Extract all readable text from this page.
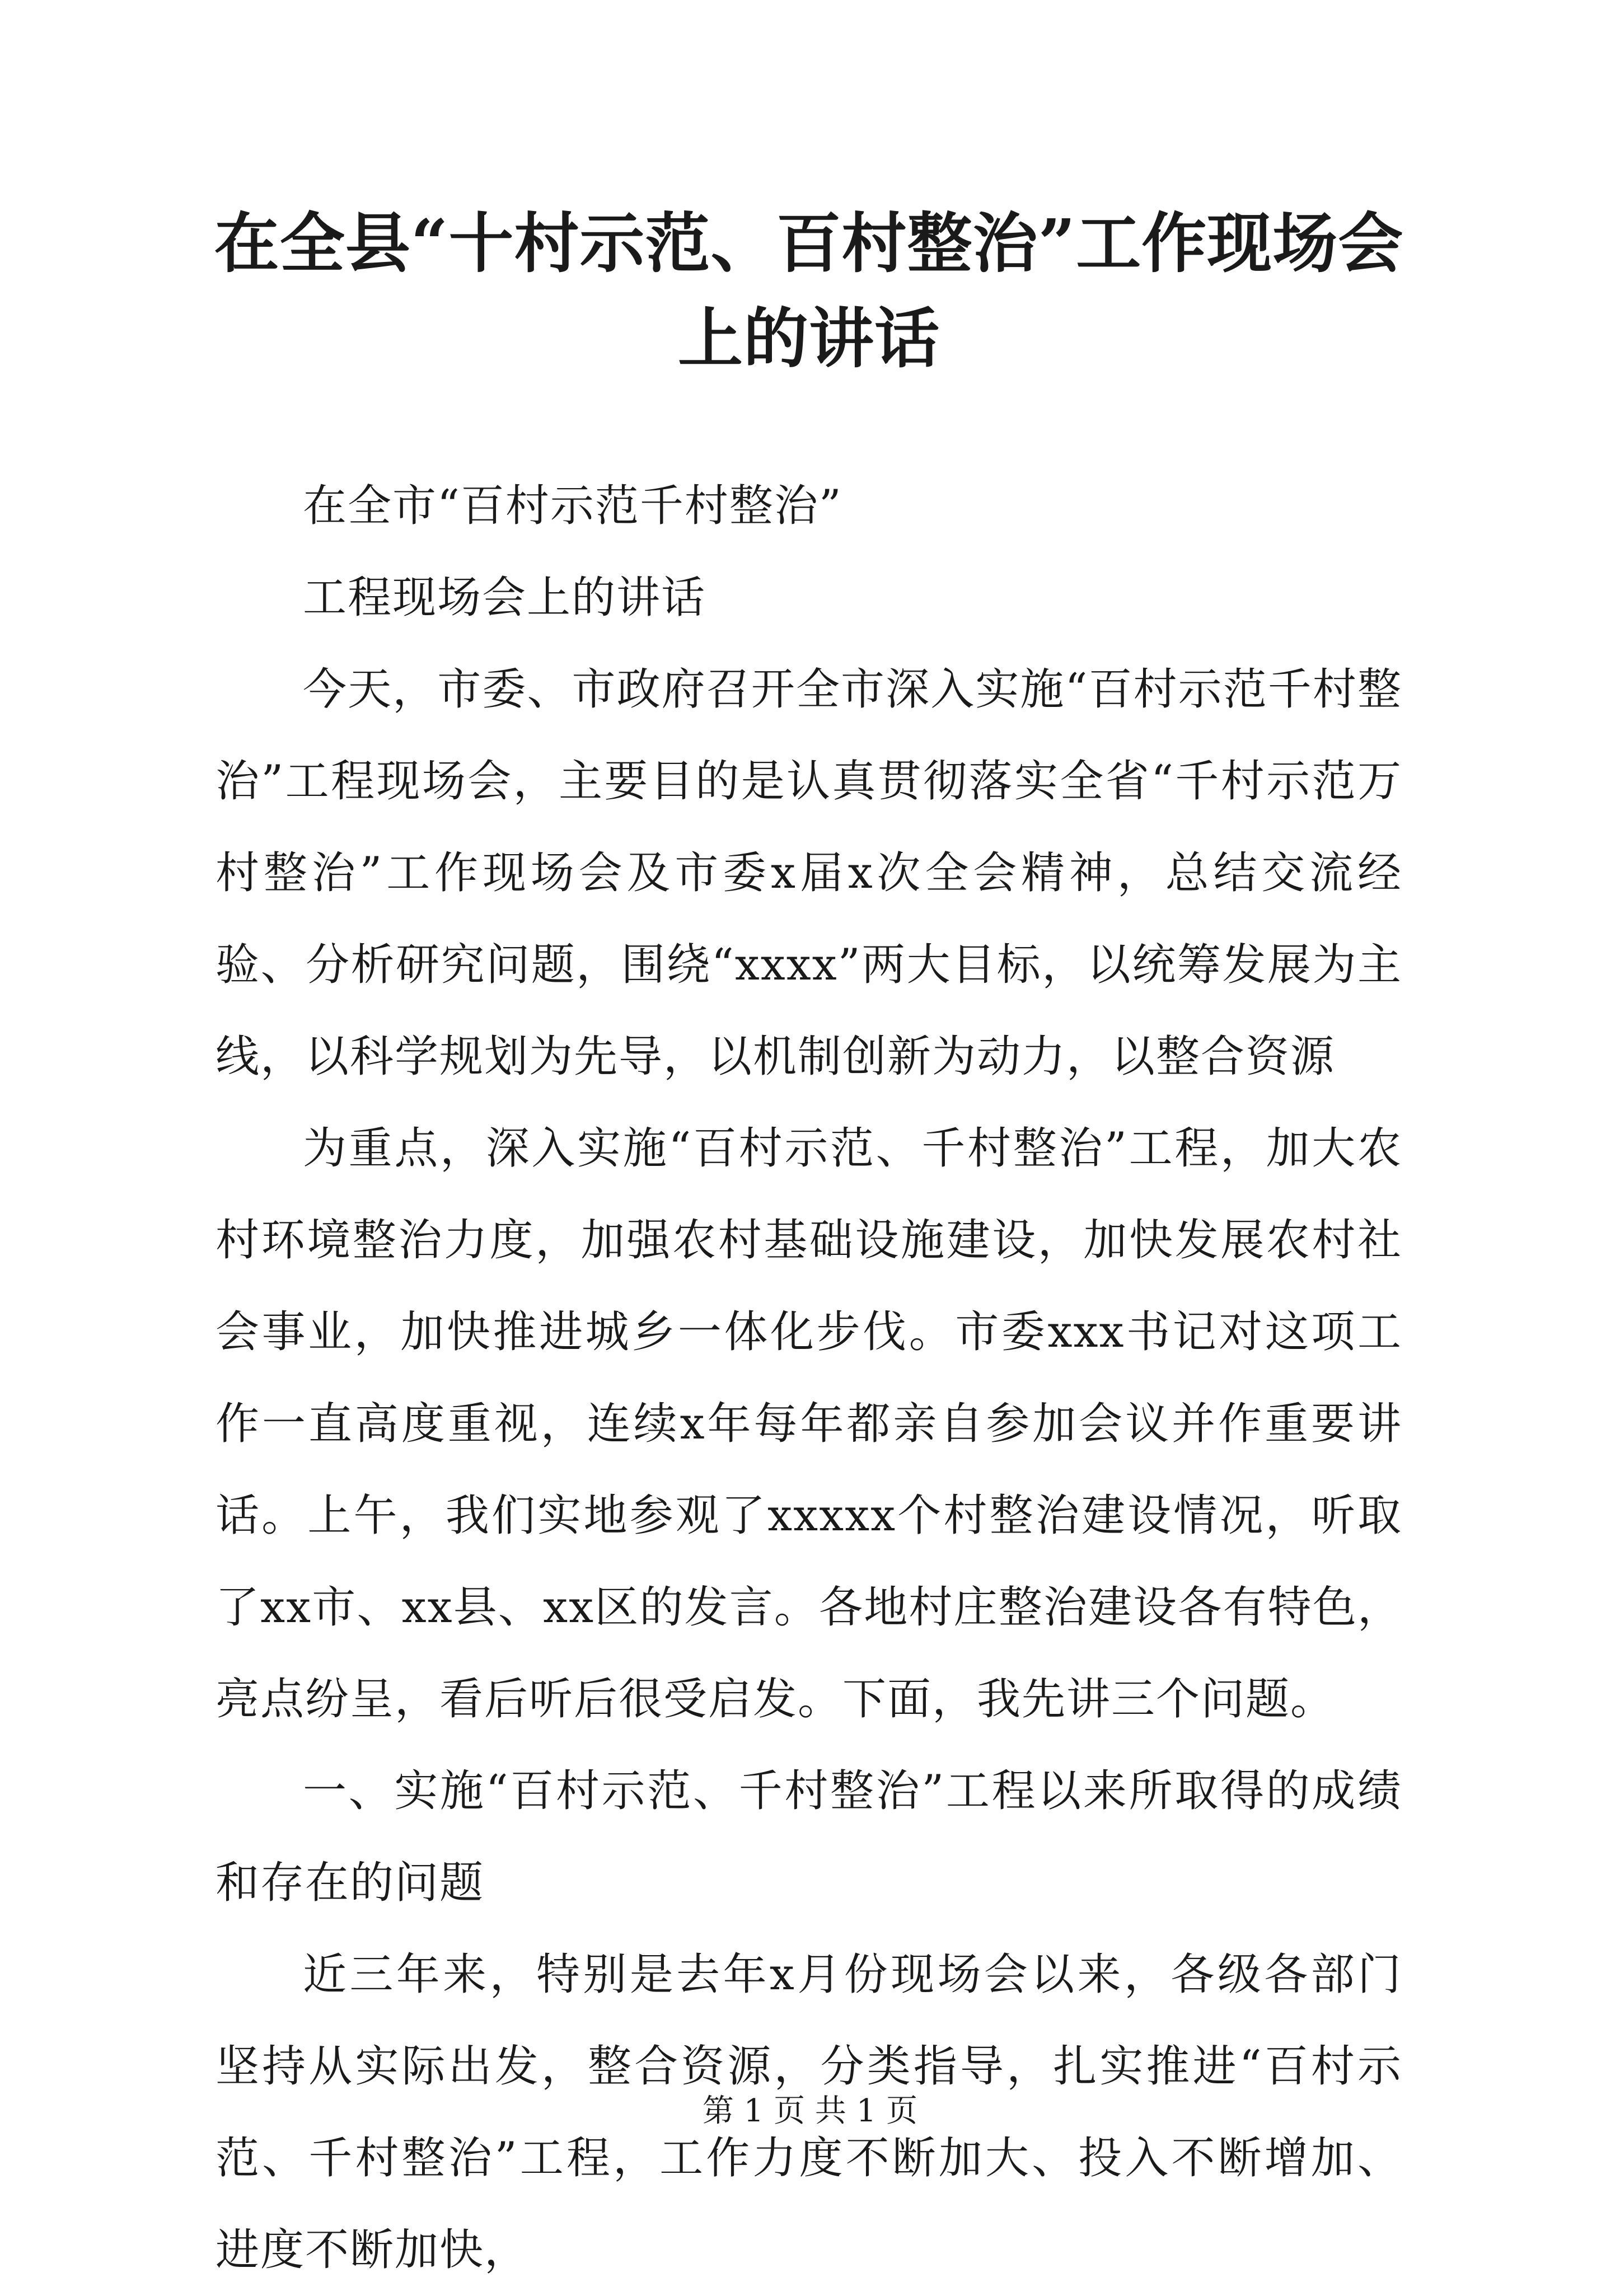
在全县“十村示范、百村整治”工作现场会上的讲话

在全市“百村示范千村整治”

工程现场会上的讲话

今天，市委、市政府召开全市深入实施“百村示范千村整治”工程现场会，主要目的是认真贯彻落实全省“千村示范万村整治”工作现场会及市委x届x次全会精神，总结交流经验、分析研究问题，围绕“xxxx”两大目标，以统筹发展为主线，以科学规划为先导，以机制创新为动力，以整合资源

为重点，深入实施“百村示范、千村整治”工程，加大农村环境整治力度，加强农村基础设施建设，加快发展农村社会事业，加快推进城乡一体化步伐。市委xxx书记对这项工作一直高度重视，连续x年每年都亲自参加会议并作重要讲话。上午，我们实地参观了xxxxx个村整治建设情况，听取了xx市、xx县、xx区的发言。各地村庄整治建设各有特色，亮点纷呈，看后听后很受启发。下面，我先讲三个问题。

一、实施“百村示范、千村整治”工程以来所取得的成绩和存在的问题

近三年来，特别是去年x月份现场会以来，各级各部门坚持从实际出发，整合资源，分类指导，扎实推进“百村示范、千村整治”工程，工作力度不断加大、投入不断增加、进度不断加快，

第 1 页 共 1 页
